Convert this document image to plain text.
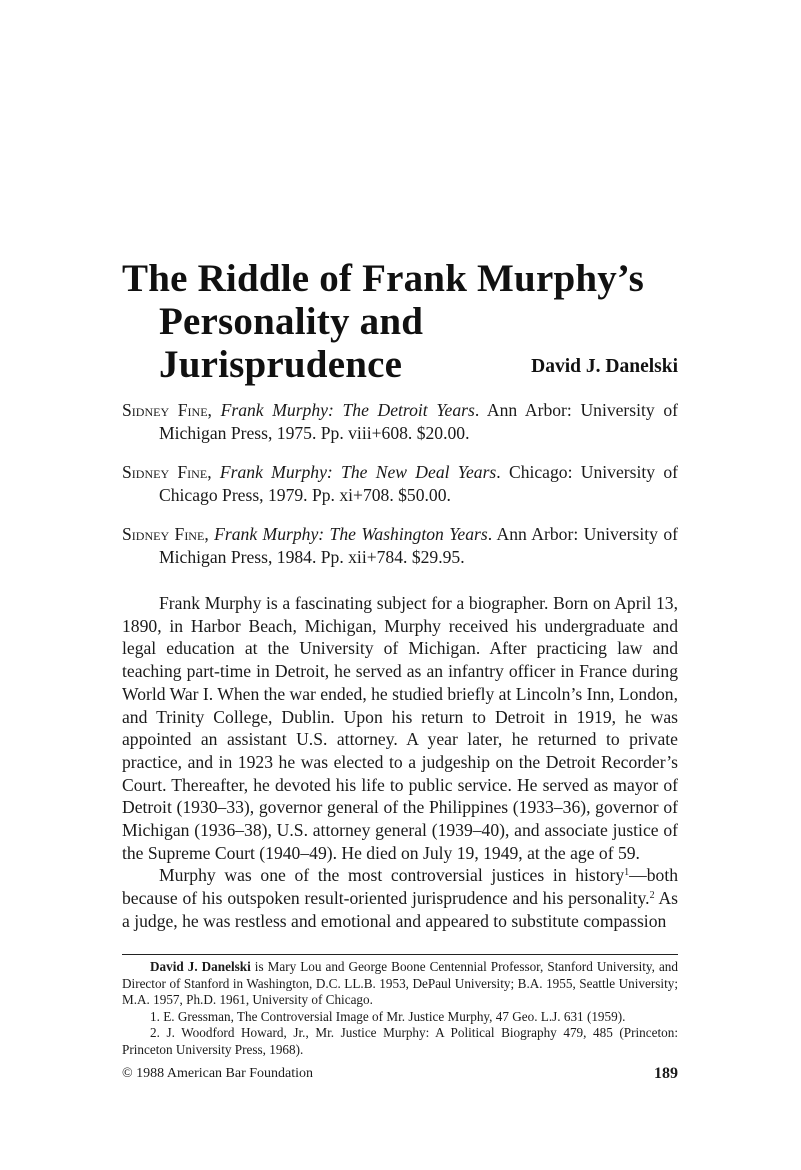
The Riddle of Frank Murphy’s
Personality and
Jurisprudence	David J. Danelski

Sidney Fine, Frank Murphy: The Detroit Years. Ann Arbor: University of Michigan Press, 1975. Pp. viii+608. $20.00.

Sidney Fine, Frank Murphy: The New Deal Years. Chicago: University of Chicago Press, 1979. Pp. xi+708. $50.00.

Sidney Fine, Frank Murphy: The Washington Years. Ann Arbor: University of Michigan Press, 1984. Pp. xii+784. $29.95.

Frank Murphy is a fascinating subject for a biographer. Born on April 13, 1890, in Harbor Beach, Michigan, Murphy received his undergraduate and legal education at the University of Michigan. After practicing law and teaching part-time in Detroit, he served as an infantry officer in France during World War I. When the war ended, he studied briefly at Lincoln’s Inn, London, and Trinity College, Dublin. Upon his return to Detroit in 1919, he was appointed an assistant U.S. attorney. A year later, he returned to private practice, and in 1923 he was elected to a judgeship on the Detroit Recorder’s Court. Thereafter, he devoted his life to public service. He served as mayor of Detroit (1930–33), governor general of the Philippines (1933–36), governor of Michigan (1936–38), U.S. attorney general (1939–40), and associate justice of the Supreme Court (1940–49). He died on July 19, 1949, at the age of 59.

Murphy was one of the most controversial justices in history$^1$—both because of his outspoken result-oriented jurisprudence and his personality.$^2$ As a judge, he was restless and emotional and appeared to substitute compassion

David J. Danelski is Mary Lou and George Boone Centennial Professor, Stanford University, and Director of Stanford in Washington, D.C. LL.B. 1953, DePaul University; B.A. 1955, Seattle University; M.A. 1957, Ph.D. 1961, University of Chicago.

1. E. Gressman, The Controversial Image of Mr. Justice Murphy, 47 Geo. L.J. 631 (1959).

2. J. Woodford Howard, Jr., Mr. Justice Murphy: A Political Biography 479, 485 (Princeton: Princeton University Press, 1968).

© 1988 American Bar Foundation	189
